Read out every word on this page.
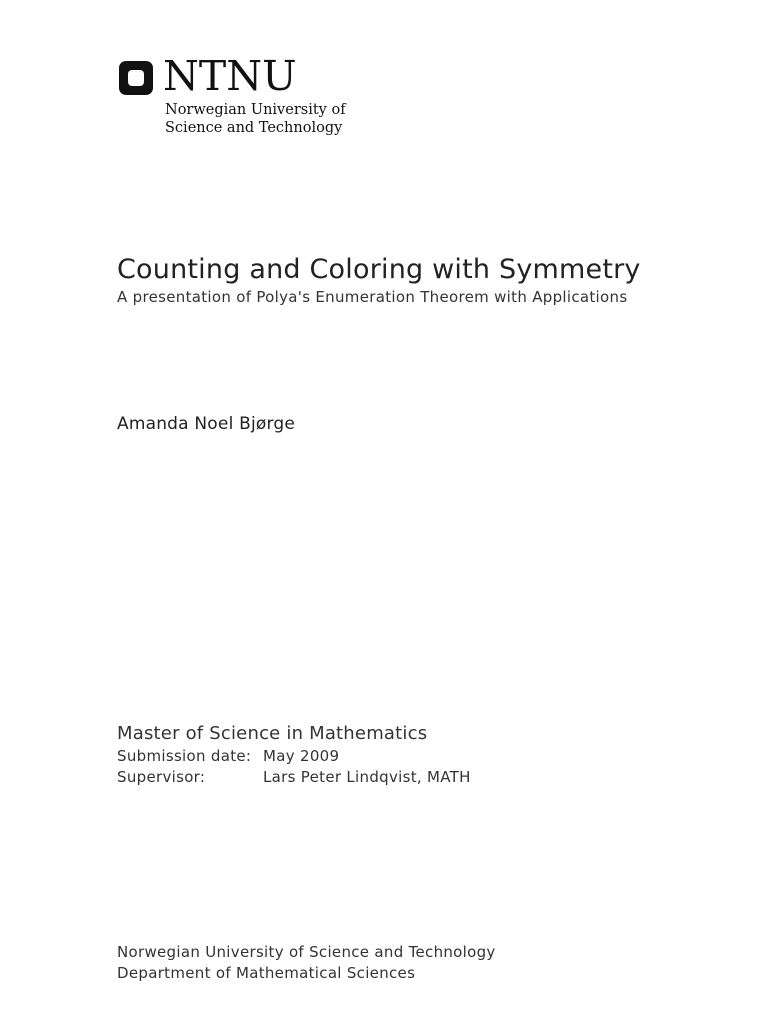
NTNU
Norwegian University of
Science and Technology
Counting and Coloring with Symmetry
A presentation of Polya's Enumeration Theorem with Applications
Amanda Noel Bjørge
Master of Science in Mathematics
Submission date: May 2009
Supervisor:	Lars Peter Lindqvist, MATH
Norwegian University of Science and Technology
Department of Mathematical Sciences
